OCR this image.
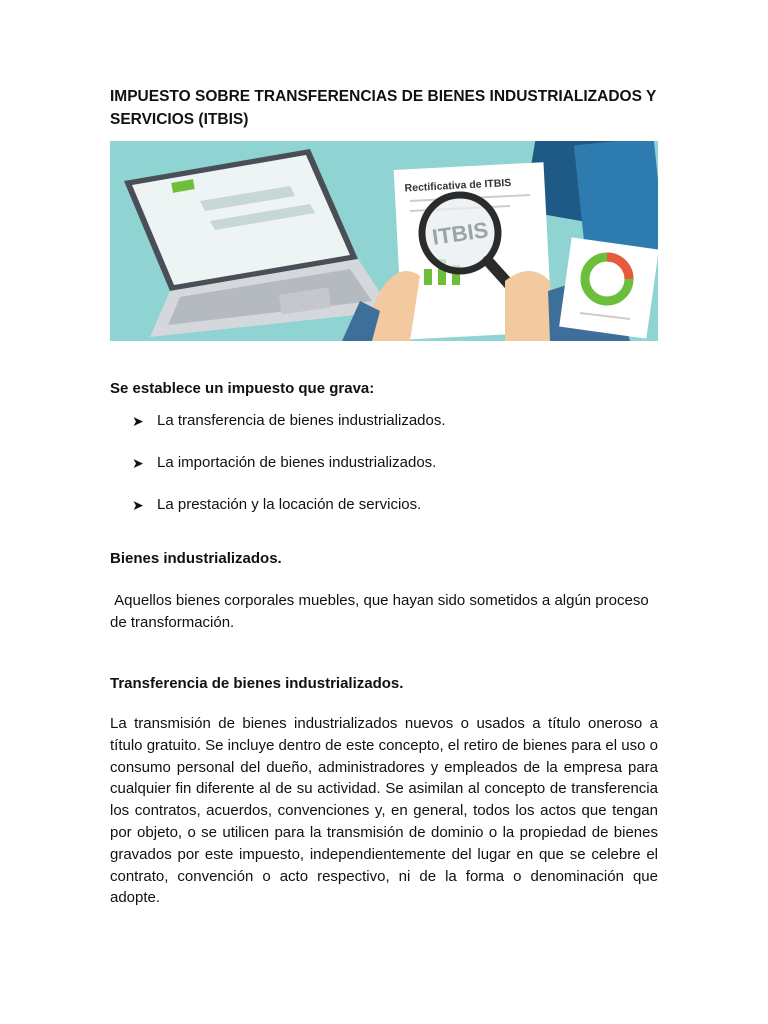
IMPUESTO SOBRE TRANSFERENCIAS DE BIENES INDUSTRIALIZADOS Y SERVICIOS (ITBIS)
Rectificativa de ITBIS
ITBIS
Se establece un impuesto que grava:
➤ La transferencia de bienes industrializados.
➤ La importación de bienes industrializados.
➤ La prestación y la locación de servicios.
Bienes industrializados.

Aquellos bienes corporales muebles, que hayan sido sometidos a algún proceso de transformación.

Transferencia de bienes industrializados.

La transmisión de bienes industrializados nuevos o usados a título oneroso a título gratuito. Se incluye dentro de este concepto, el retiro de bienes para el uso o consumo personal del dueño, administradores y empleados de la empresa para cualquier fin diferente al de su actividad. Se asimilan al concepto de transferencia los contratos, acuerdos, convenciones y, en general, todos los actos que tengan por objeto, o se utilicen para la transmisión de dominio o la propiedad de bienes gravados por este impuesto, independientemente del lugar en que se celebre el contrato, convención o acto respectivo, ni de la forma o denominación que adopte.
